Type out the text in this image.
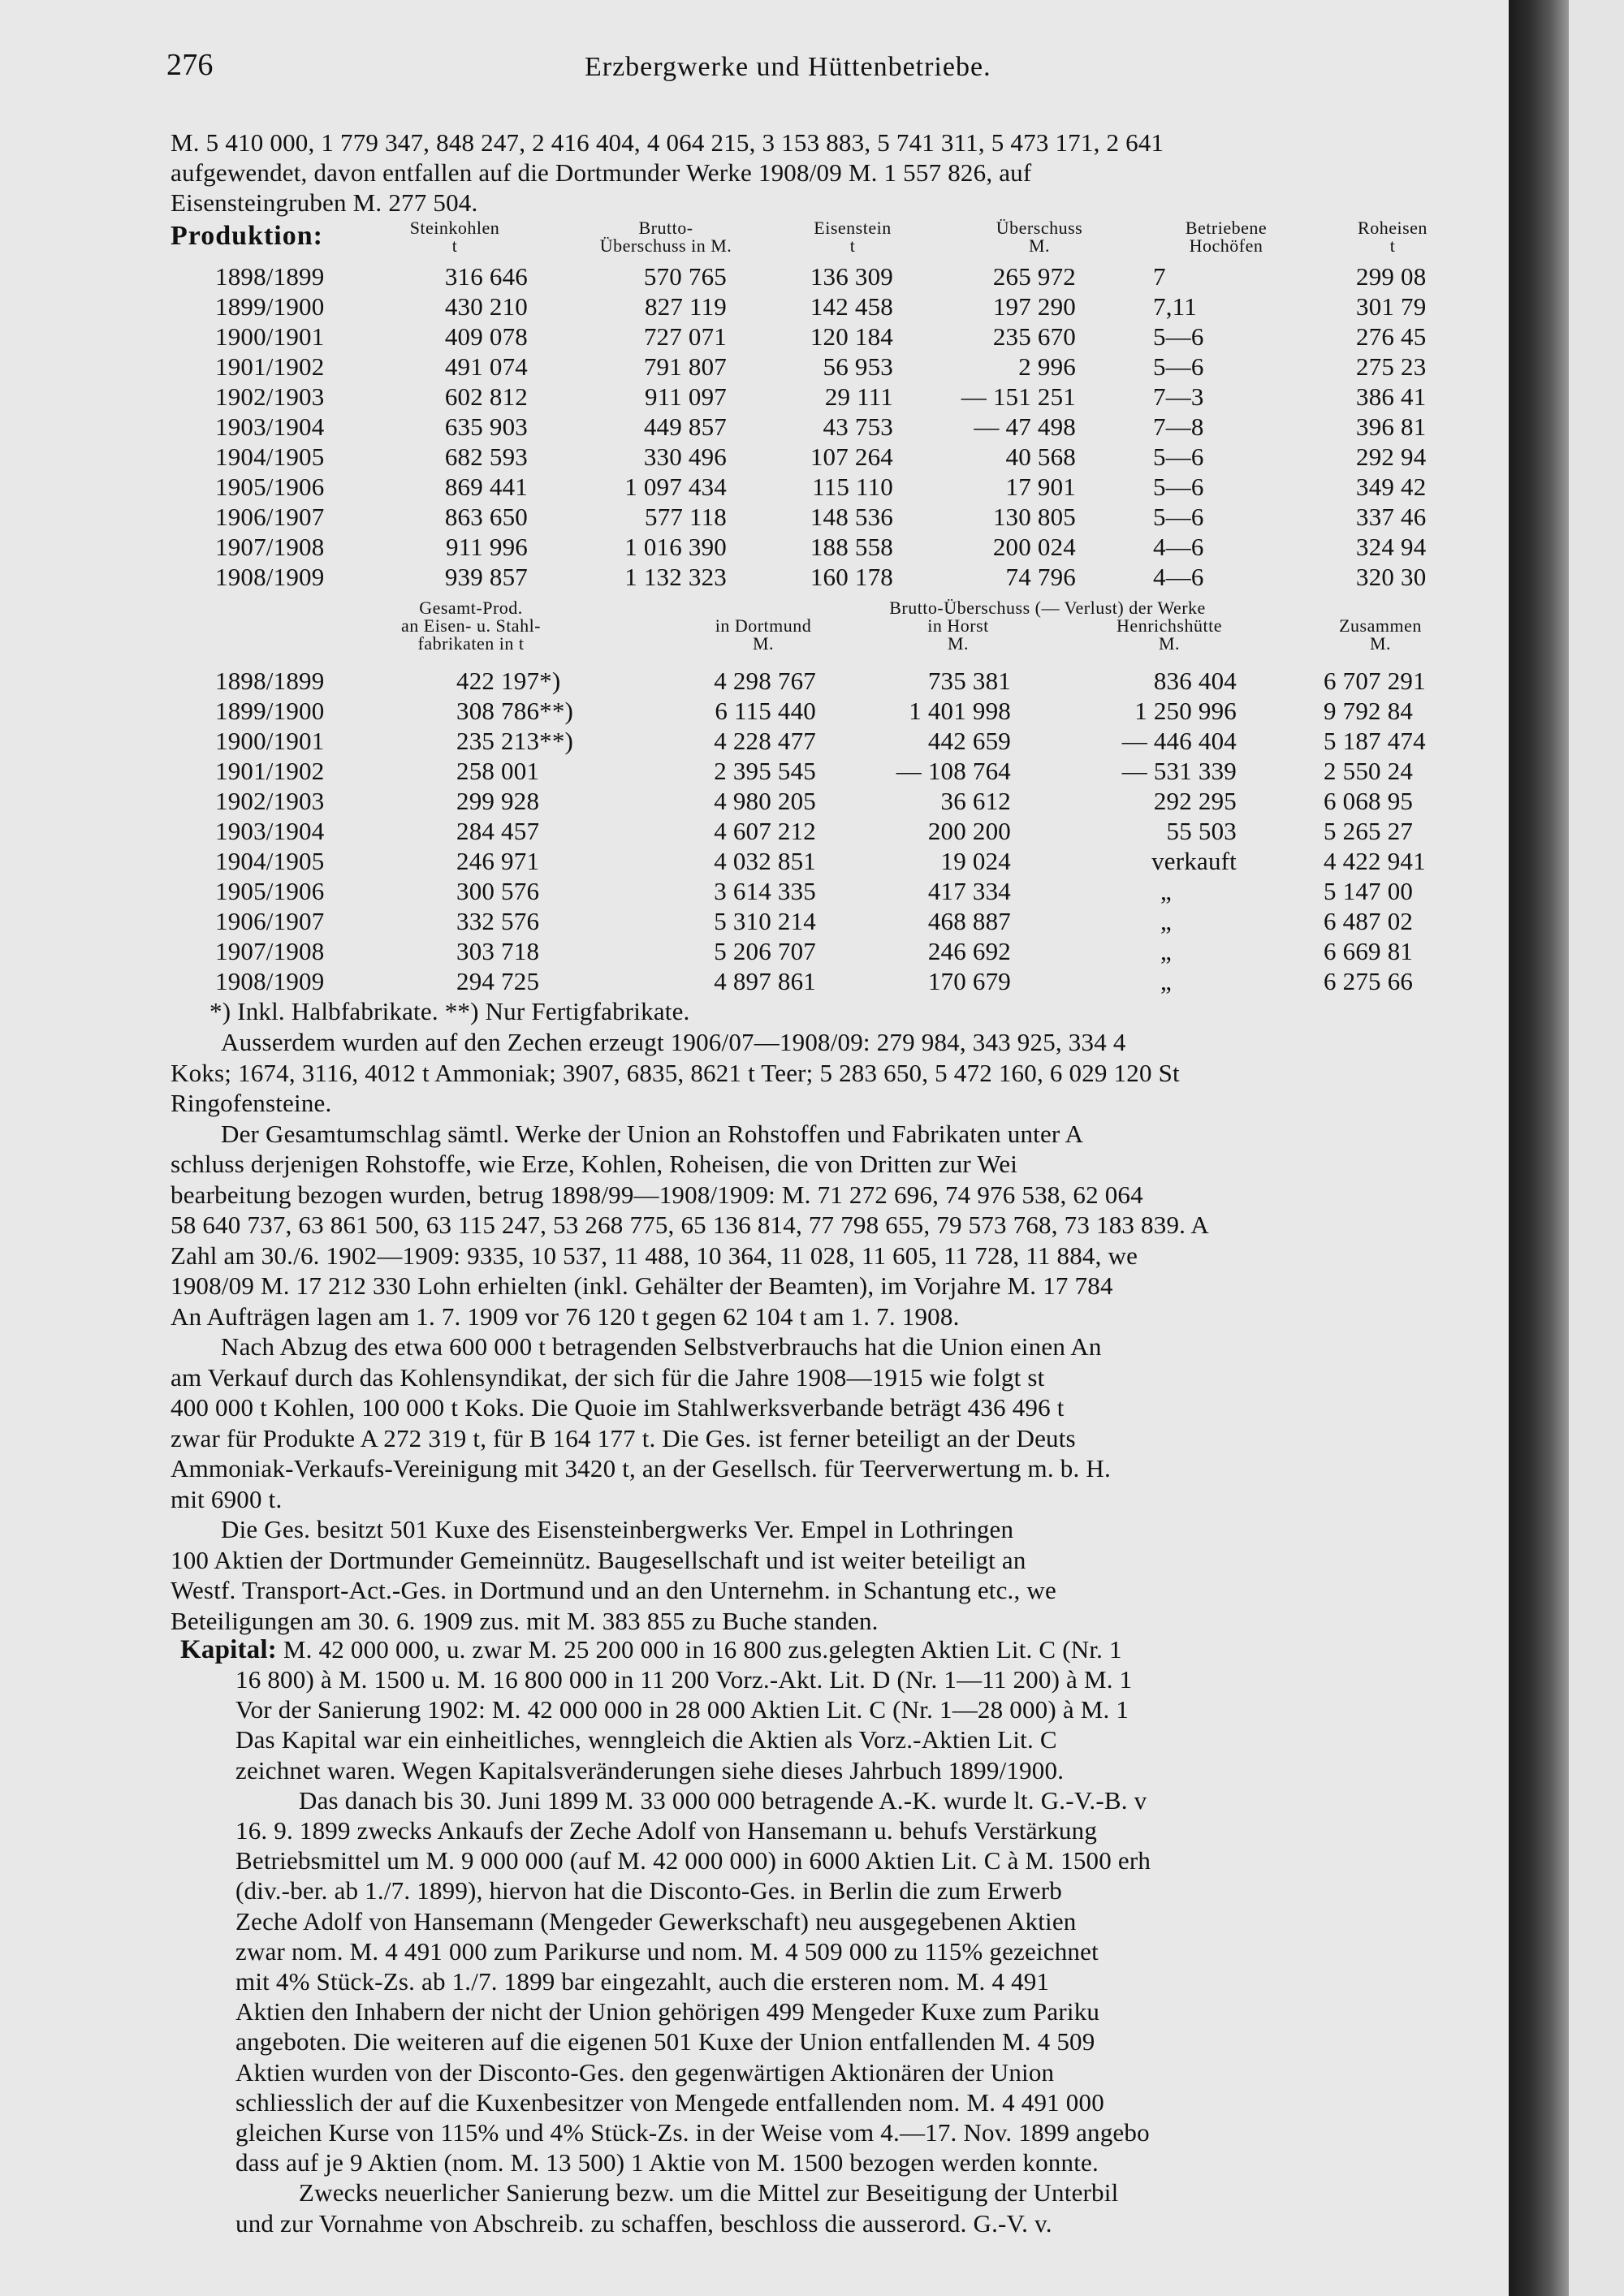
276	Erzbergwerke und Hüttenbetriebe.
M. 5 410 000, 1 779 347, 848 247, 2 416 404, 4 064 215, 3 153 883, 5 741 311, 5 473 171, 2 641
aufgewendet, davon entfallen auf die Dortmunder Werke 1908/09 M. 1 557 826, auf
Eisensteingruben M. 277 504.
Produktion:	Steinkohlen
t
Brutto-
Überschuss in M.
Eisenstein
t
Überschuss
M.
Betriebene
Hochöfen
Roheisen
t
1898/1899	316 646	570 765	136 309	265 972	7	299 08
1899/1900	430 210	827 119	142 458	197 290	7,11	301 79
1900/1901	409 078	727 071	120 184	235 670	5—6	276 45
1901/1902	491 074	791 807	56 953	2 996	5—6	275 23
1902/1903	602 812	911 097	29 111	— 151 251	7—3	386 41
1903/1904	635 903	449 857	43 753	— 47 498	7—8	396 81
1904/1905	682 593	330 496	107 264	40 568	5—6	292 94
1905/1906	869 441	1 097 434	115 110	17 901	5—6	349 42
1906/1907	863 650	577 118	148 536	130 805	5—6	337 46
1907/1908	911 996	1 016 390	188 558	200 024	4—6	324 94
1908/1909	939 857	1 132 323	160 178	74 796	4—6	320 30
Gesamt-Prod.
an Eisen- u. Stahl-
fabrikaten in t
Brutto-Überschuss (— Verlust) der Werke
in Dortmund
M.
in Horst
M.
Henrichshütte
M.
Zusammen
M.
1898/1899	422 197*)	4 298 767	735 381	836 404	6 707 291
1899/1900	308 786**)	6 115 440	1 401 998	1 250 996	9 792 84
1900/1901	235 213**)	4 228 477	442 659	— 446 404	5 187 474
1901/1902	258 001	2 395 545	— 108 764	— 531 339	2 550 24
1902/1903	299 928	4 980 205	36 612	292 295	6 068 95
1903/1904	284 457	4 607 212	200 200	55 503	5 265 27
1904/1905	246 971	4 032 851	19 024	verkauft	4 422 941
1905/1906	300 576	3 614 335	417 334	„	5 147 00
1906/1907	332 576	5 310 214	468 887	„	6 487 02
1907/1908	303 718	5 206 707	246 692	„	6 669 81
1908/1909	294 725	4 897 861	170 679	„	6 275 66
*) Inkl. Halbfabrikate. **) Nur Fertigfabrikate.
Ausserdem wurden auf den Zechen erzeugt 1906/07—1908/09: 279 984, 343 925, 334 4
Koks; 1674, 3116, 4012 t Ammoniak; 3907, 6835, 8621 t Teer; 5 283 650, 5 472 160, 6 029 120 St
Ringofensteine.
Der Gesamtumschlag sämtl. Werke der Union an Rohstoffen und Fabrikaten unter A
schluss derjenigen Rohstoffe, wie Erze, Kohlen, Roheisen, die von Dritten zur Wei
bearbeitung bezogen wurden, betrug 1898/99—1908/1909: M. 71 272 696, 74 976 538, 62 064
58 640 737, 63 861 500, 63 115 247, 53 268 775, 65 136 814, 77 798 655, 79 573 768, 73 183 839. A
Zahl am 30./6. 1902—1909: 9335, 10 537, 11 488, 10 364, 11 028, 11 605, 11 728, 11 884, we
1908/09 M. 17 212 330 Lohn erhielten (inkl. Gehälter der Beamten), im Vorjahre M. 17 784
An Aufträgen lagen am 1. 7. 1909 vor 76 120 t gegen 62 104 t am 1. 7. 1908.
Nach Abzug des etwa 600 000 t betragenden Selbstverbrauchs hat die Union einen An
am Verkauf durch das Kohlensyndikat, der sich für die Jahre 1908—1915 wie folgt st
400 000 t Kohlen, 100 000 t Koks. Die Quoie im Stahlwerksverbande beträgt 436 496 t
zwar für Produkte A 272 319 t, für B 164 177 t. Die Ges. ist ferner beteiligt an der Deuts
Ammoniak-Verkaufs-Vereinigung mit 3420 t, an der Gesellsch. für Teerverwertung m. b. H.
mit 6900 t.
Die Ges. besitzt 501 Kuxe des Eisensteinbergwerks Ver. Empel in Lothringen
100 Aktien der Dortmunder Gemeinnütz. Baugesellschaft und ist weiter beteiligt an
Westf. Transport-Act.-Ges. in Dortmund und an den Unternehm. in Schantung etc., we
Beteiligungen am 30. 6. 1909 zus. mit M. 383 855 zu Buche standen.
Kapital: M. 42 000 000, u. zwar M. 25 200 000 in 16 800 zus.gelegten Aktien Lit. C (Nr. 1
16 800) à M. 1500 u. M. 16 800 000 in 11 200 Vorz.-Akt. Lit. D (Nr. 1—11 200) à M. 1
Vor der Sanierung 1902: M. 42 000 000 in 28 000 Aktien Lit. C (Nr. 1—28 000) à M. 1
Das Kapital war ein einheitliches, wenngleich die Aktien als Vorz.-Aktien Lit. C
zeichnet waren. Wegen Kapitalsveränderungen siehe dieses Jahrbuch 1899/1900.
Das danach bis 30. Juni 1899 M. 33 000 000 betragende A.-K. wurde lt. G.-V.-B. v
16. 9. 1899 zwecks Ankaufs der Zeche Adolf von Hansemann u. behufs Verstärkung
Betriebsmittel um M. 9 000 000 (auf M. 42 000 000) in 6000 Aktien Lit. C à M. 1500 erh
(div.-ber. ab 1./7. 1899), hiervon hat die Disconto-Ges. in Berlin die zum Erwerb
Zeche Adolf von Hansemann (Mengeder Gewerkschaft) neu ausgegebenen Aktien
zwar nom. M. 4 491 000 zum Parikurse und nom. M. 4 509 000 zu 115% gezeichnet
mit 4% Stück-Zs. ab 1./7. 1899 bar eingezahlt, auch die ersteren nom. M. 4 491
Aktien den Inhabern der nicht der Union gehörigen 499 Mengeder Kuxe zum Pariku
angeboten. Die weiteren auf die eigenen 501 Kuxe der Union entfallenden M. 4 509
Aktien wurden von der Disconto-Ges. den gegenwärtigen Aktionären der Union
schliesslich der auf die Kuxenbesitzer von Mengede entfallenden nom. M. 4 491 000
gleichen Kurse von 115% und 4% Stück-Zs. in der Weise vom 4.—17. Nov. 1899 angebo
dass auf je 9 Aktien (nom. M. 13 500) 1 Aktie von M. 1500 bezogen werden konnte.
Zwecks neuerlicher Sanierung bezw. um die Mittel zur Beseitigung der Unterbil
und zur Vornahme von Abschreib. zu schaffen, beschloss die ausserord. G.-V. v.
